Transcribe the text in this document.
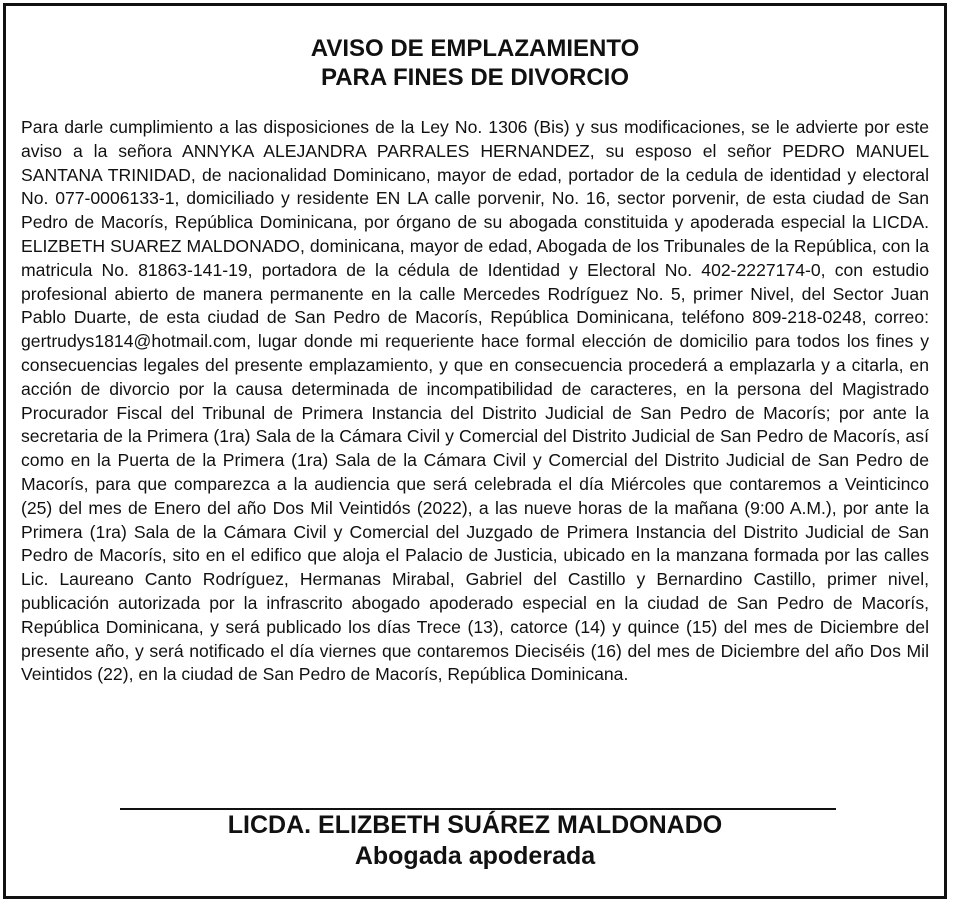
AVISO DE EMPLAZAMIENTO
PARA FINES DE DIVORCIO

Para darle cumplimiento a las disposiciones de la Ley No. 1306 (Bis) y sus modificaciones, se le advierte por este aviso a la señora ANNYKA ALEJANDRA PARRALES HERNANDEZ, su esposo el señor PEDRO MANUEL SANTANA TRINIDAD, de nacionalidad Dominicano, mayor de edad, portador de la cedula de identidad y electoral No. 077-0006133-1, domiciliado y residente EN LA calle porvenir, No. 16, sector porvenir, de esta ciudad de San Pedro de Macorís, República Dominicana, por órgano de su abogada constituida y apoderada especial la LICDA. ELIZBETH SUAREZ MALDONADO, dominicana, mayor de edad, Abogada de los Tribunales de la República, con la matricula No. 81863-141-19, portadora de la cédula de Identidad y Electoral No. 402-2227174-0, con estudio profesional abierto de manera permanente en la calle Mercedes Rodríguez No. 5, primer Nivel, del Sector Juan Pablo Duarte, de esta ciudad de San Pedro de Macorís, República Dominicana, teléfono 809-218-0248, correo: gertrudys1814@hotmail.com, lugar donde mi requeriente hace formal elección de domicilio para todos los fines y consecuencias legales del presente emplazamiento, y que en consecuencia procederá a emplazarla y a citarla, en acción de divorcio por la causa determinada de incompatibilidad de caracteres, en la persona del Magistrado Procurador Fiscal del Tribunal de Primera Instancia del Distrito Judicial de San Pedro de Macorís; por ante la secretaria de la Primera (1ra) Sala de la Cámara Civil y Comercial del Distrito Judicial de San Pedro de Macorís, así como en la Puerta de la Primera (1ra) Sala de la Cámara Civil y Comercial del Distrito Judicial de San Pedro de Macorís, para que comparezca a la audiencia que será celebrada el día Miércoles que contaremos a Veinticinco (25) del mes de Enero del año Dos Mil Veintidós (2022), a las nueve horas de la mañana (9:00 A.M.), por ante la Primera (1ra) Sala de la Cámara Civil y Comercial del Juzgado de Primera Instancia del Distrito Judicial de San Pedro de Macorís, sito en el edifico que aloja el Palacio de Justicia, ubicado en la manzana formada por las calles Lic. Laureano Canto Rodríguez, Hermanas Mirabal, Gabriel del Castillo y Bernardino Castillo, primer nivel, publicación autorizada por la infrascrito abogado apoderado especial en la ciudad de San Pedro de Macorís, República Dominicana, y será publicado los días Trece (13), catorce (14) y quince (15) del mes de Diciembre del presente año, y será notificado el día viernes que contaremos Dieciséis (16) del mes de Diciembre del año Dos Mil Veintidos (22), en la ciudad de San Pedro de Macorís, República Dominicana.

LICDA. ELIZBETH SUÁREZ MALDONADO
Abogada apoderada
